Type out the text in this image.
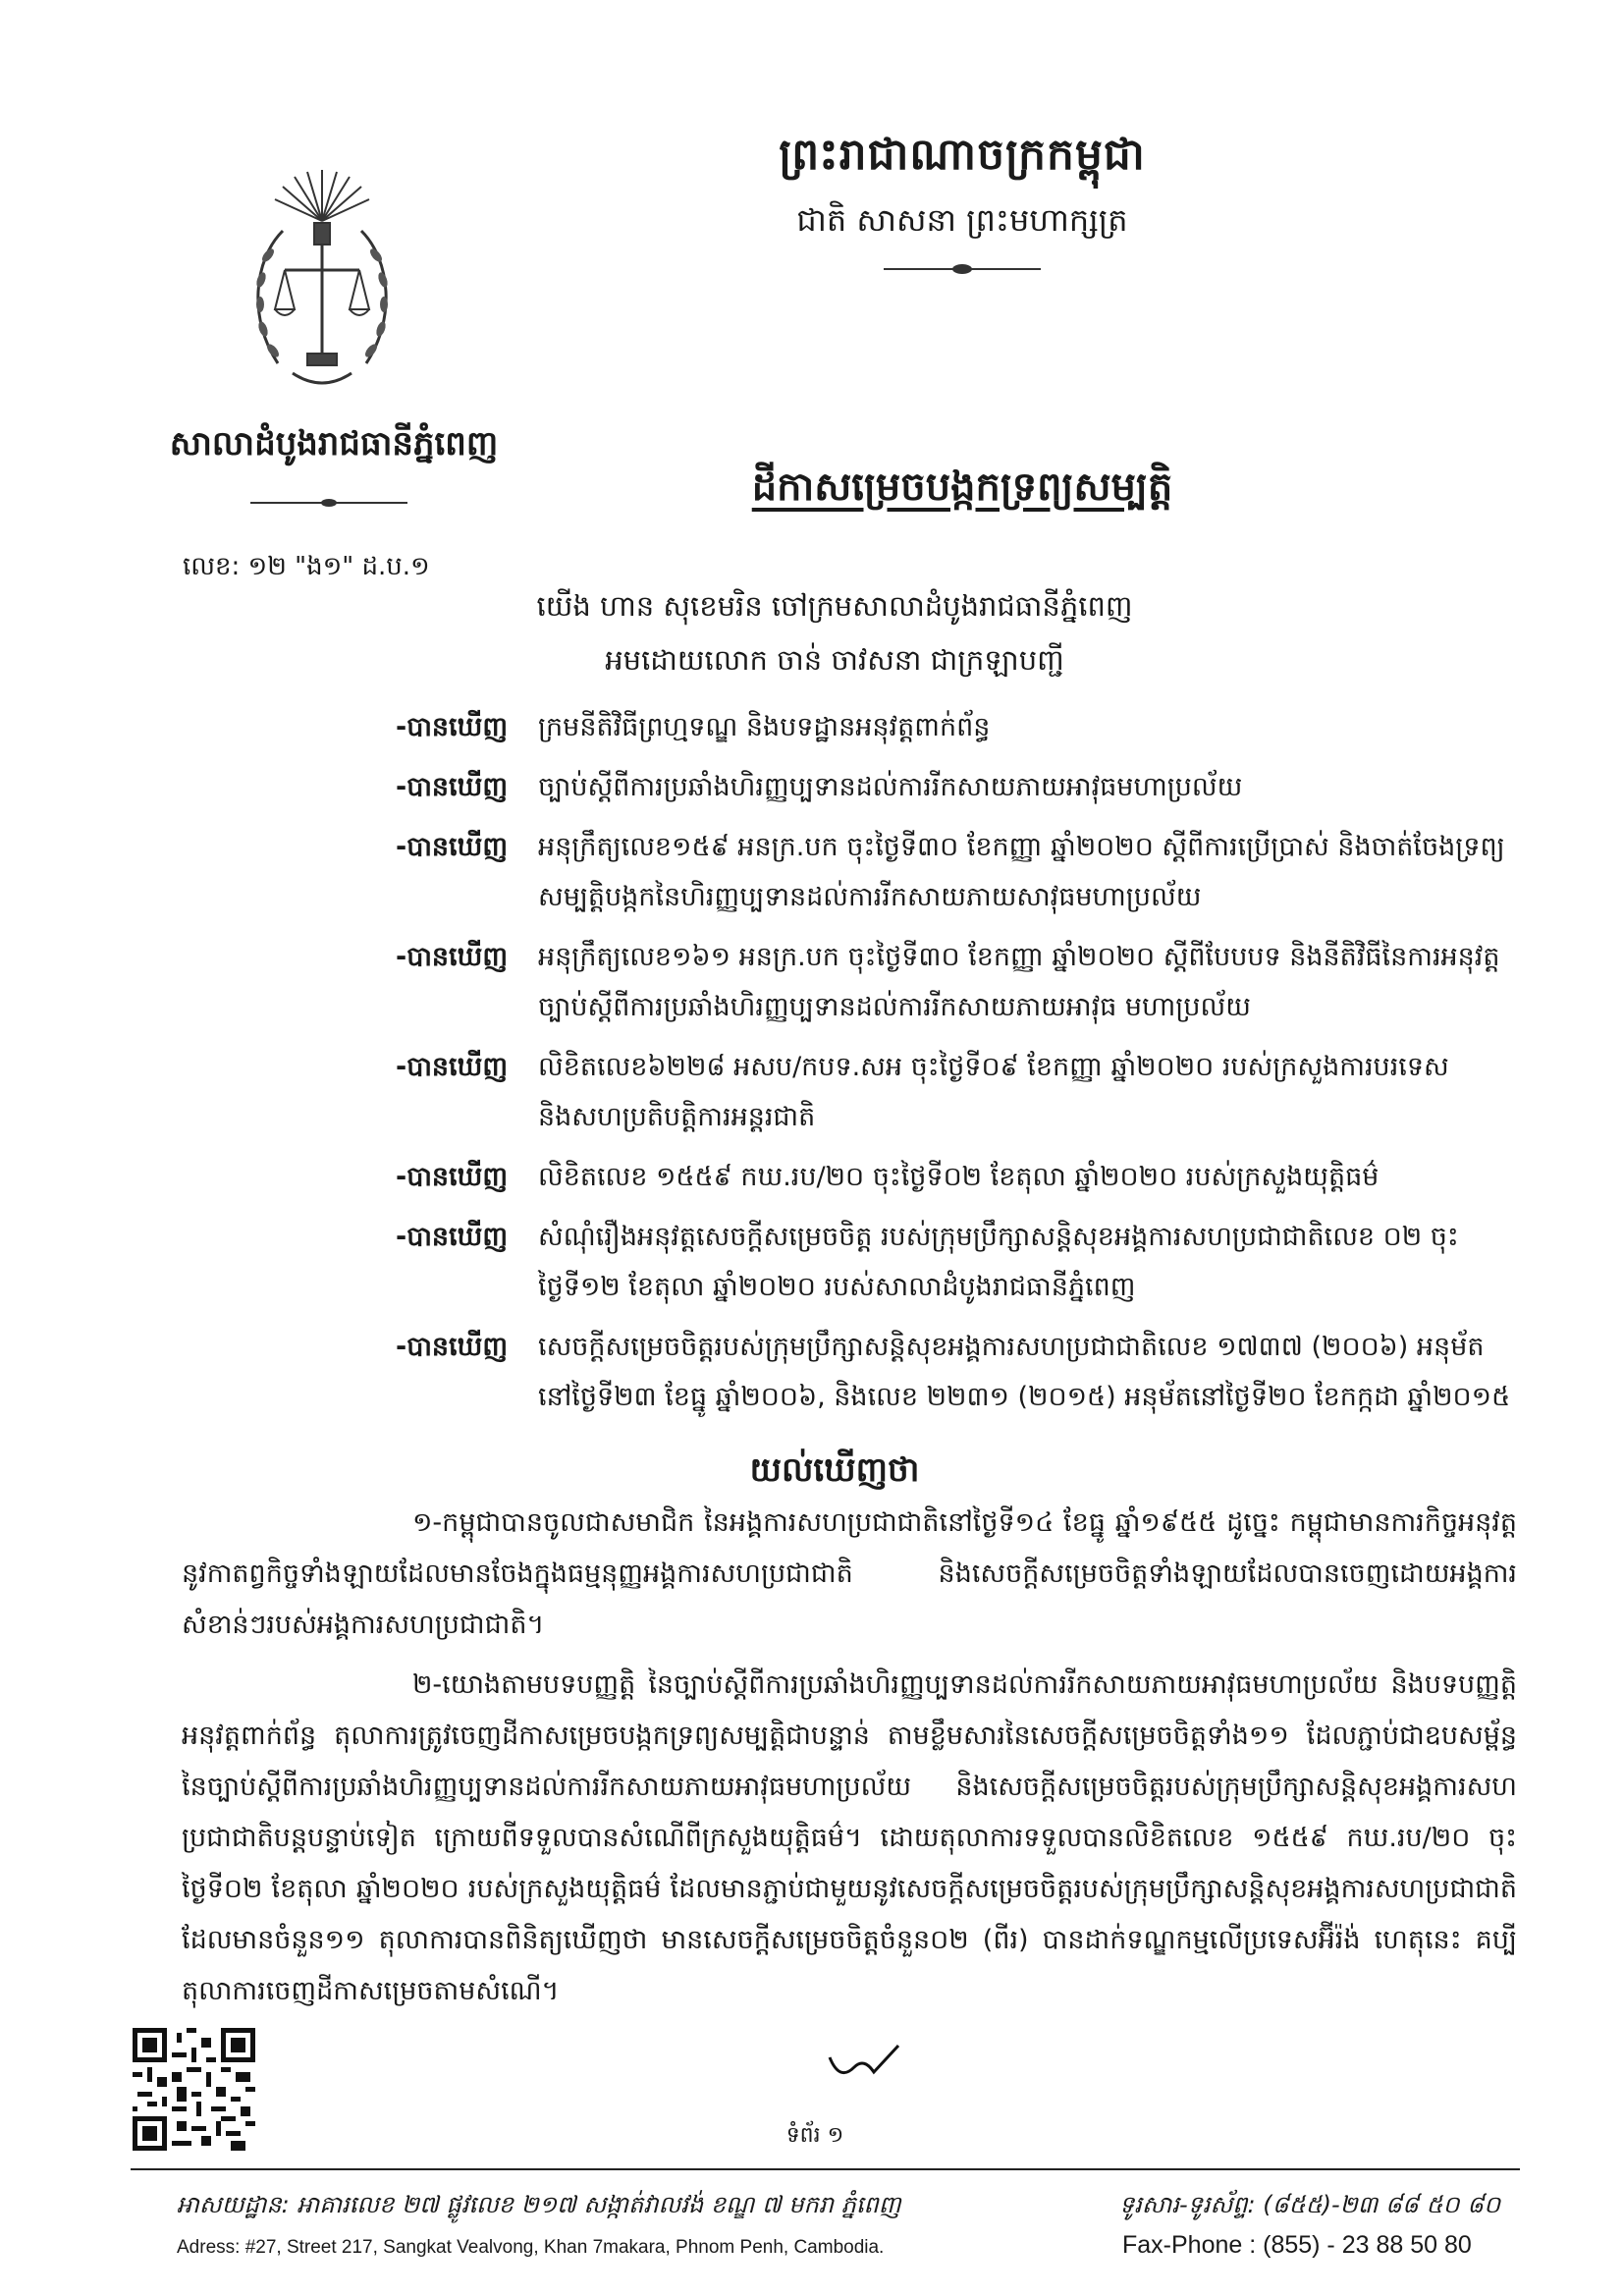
សាលាដំបូងរាជធានីភ្នំពេញ
ព្រះរាជាណាចក្រកម្ពុជា
ជាតិ សាសនា ព្រះមហាក្សត្រ
ដីកាសម្រេចបង្កកទ្រព្យសម្បត្តិ
លេខ: ១២ "ង១" ដ.ប.១
យើង ហាន សុខេមរិន ចៅក្រមសាលាដំបូងរាជធានីភ្នំពេញ
អមដោយលោក ចាន់ ចាវសនា ជាក្រឡាបញ្ជី
-បានឃើញ	ក្រមនីតិវិធីព្រហ្មទណ្ឌ និងបទដ្ឋានអនុវត្តពាក់ព័ន្ធ
-បានឃើញ	ច្បាប់ស្តីពីការប្រឆាំងហិរញ្ញប្បទានដល់ការរីកសាយភាយអាវុធមហាប្រល័យ
-បានឃើញ	អនុក្រឹត្យលេខ១៥៩ អនក្រ.បក ចុះថ្ងៃទី៣០ ខែកញ្ញា ឆ្នាំ២០២០ ស្តីពីការប្រើប្រាស់ និងចាត់ចែងទ្រព្យសម្បត្តិបង្កកនៃហិរញ្ញប្បទានដល់ការរីកសាយភាយសាវុធមហាប្រល័យ
-បានឃើញ	អនុក្រឹត្យលេខ១៦១ អនក្រ.បក ចុះថ្ងៃទី៣០ ខែកញ្ញា ឆ្នាំ២០២០ ស្តីពីបែបបទ និងនីតិវិធីនៃការអនុវត្តច្បាប់ស្តីពីការប្រឆាំងហិរញ្ញប្បទានដល់ការរីកសាយភាយអាវុធ មហាប្រល័យ
-បានឃើញ	លិខិតលេខ៦២២៨ អសប/កបទ.សអ ចុះថ្ងៃទី០៩ ខែកញ្ញា ឆ្នាំ២០២០ របស់ក្រសួងការបរទេស និងសហប្រតិបត្តិការអន្តរជាតិ
-បានឃើញ	លិខិតលេខ ១៥៥៩ កឃ.រប/២០ ចុះថ្ងៃទី០២ ខែតុលា ឆ្នាំ២០២០ របស់ក្រសួងយុត្តិធម៌
-បានឃើញ	សំណុំរឿងអនុវត្តសេចក្តីសម្រេចចិត្ត របស់ក្រុមប្រឹក្សាសន្តិសុខអង្គការសហប្រជាជាតិលេខ ០២ ចុះថ្ងៃទី១២ ខែតុលា ឆ្នាំ២០២០ របស់សាលាដំបូងរាជធានីភ្នំពេញ
-បានឃើញ	សេចក្តីសម្រេចចិត្តរបស់ក្រុមប្រឹក្សាសន្តិសុខអង្គការសហប្រជាជាតិលេខ ១៧៣៧ (២០០៦) អនុម័តនៅថ្ងៃទី២៣ ខែធ្នូ ឆ្នាំ២០០៦, និងលេខ ២២៣១ (២០១៥) អនុម័តនៅថ្ងៃទី២០ ខែកក្កដា ឆ្នាំ២០១៥
យល់ឃើញថា
១-កម្ពុជាបានចូលជាសមាជិក នៃអង្គការសហប្រជាជាតិនៅថ្ងៃទី១៤ ខែធ្នូ ឆ្នាំ១៩៥៥ ដូច្នេះ កម្ពុជាមានការកិច្ចអនុវត្តនូវកាតព្វកិច្ចទាំងឡាយដែលមានចែងក្នុងធម្មនុញ្ញអង្គការសហប្រជាជាតិ និងសេចក្តីសម្រេចចិត្តទាំងឡាយដែលបានចេញដោយអង្គការសំខាន់ៗរបស់អង្គការសហប្រជាជាតិ។
២-យោងតាមបទបញ្ញត្តិ នៃច្បាប់ស្តីពីការប្រឆាំងហិរញ្ញប្បទានដល់ការរីកសាយភាយអាវុធមហាប្រល័យ និងបទបញ្ញត្តិអនុវត្តពាក់ព័ន្ធ តុលាការត្រូវចេញដីកាសម្រេចបង្កកទ្រព្យសម្បត្តិជាបន្ទាន់ តាមខ្លឹមសារនៃសេចក្តីសម្រេចចិត្តទាំង១១ ដែលភ្ជាប់ជាឧបសម្ព័ន្ធ នៃច្បាប់ស្តីពីការប្រឆាំងហិរញ្ញប្បទានដល់ការរីកសាយភាយអាវុធមហាប្រល័យ និងសេចក្តីសម្រេចចិត្តរបស់ក្រុមប្រឹក្សាសន្តិសុខអង្គការសហប្រជាជាតិបន្តបន្ទាប់ទៀត ក្រោយពីទទួលបានសំណើពីក្រសួងយុត្តិធម៌។ ដោយតុលាការទទួលបានលិខិតលេខ ១៥៥៩ កឃ.រប/២០ ចុះថ្ងៃទី០២ ខែតុលា ឆ្នាំ២០២០ របស់ក្រសួងយុត្តិធម៌ ដែលមានភ្ជាប់ជាមួយនូវសេចក្តីសម្រេចចិត្តរបស់ក្រុមប្រឹក្សាសន្តិសុខអង្គការសហប្រជាជាតិដែលមានចំនួន១១ តុលាការបានពិនិត្យឃើញថា មានសេចក្តីសម្រេចចិត្តចំនួន០២ (ពីរ) បានដាក់ទណ្ឌកម្មលើប្រទេសអ៊ីរ៉ង់ ហេតុនេះ គប្បីតុលាការចេញដីកាសម្រេចតាមសំណើ។
ទំព័រ ១
អាសយដ្ឋាន: អាគារលេខ ២៧ ផ្លូវលេខ ២១៧ សង្កាត់វាលវង់ ខណ្ឌ ៧ មករា ភ្នំពេញ
Adress: #27, Street 217, Sangkat Vealvong, Khan 7makara, Phnom Penh, Cambodia.
ទូរសារ-ទូរស័ព្ទ: (៨៥៥)-២៣ ៨៨ ៥០ ៨០
Fax-Phone : (855) - 23 88 50 80
